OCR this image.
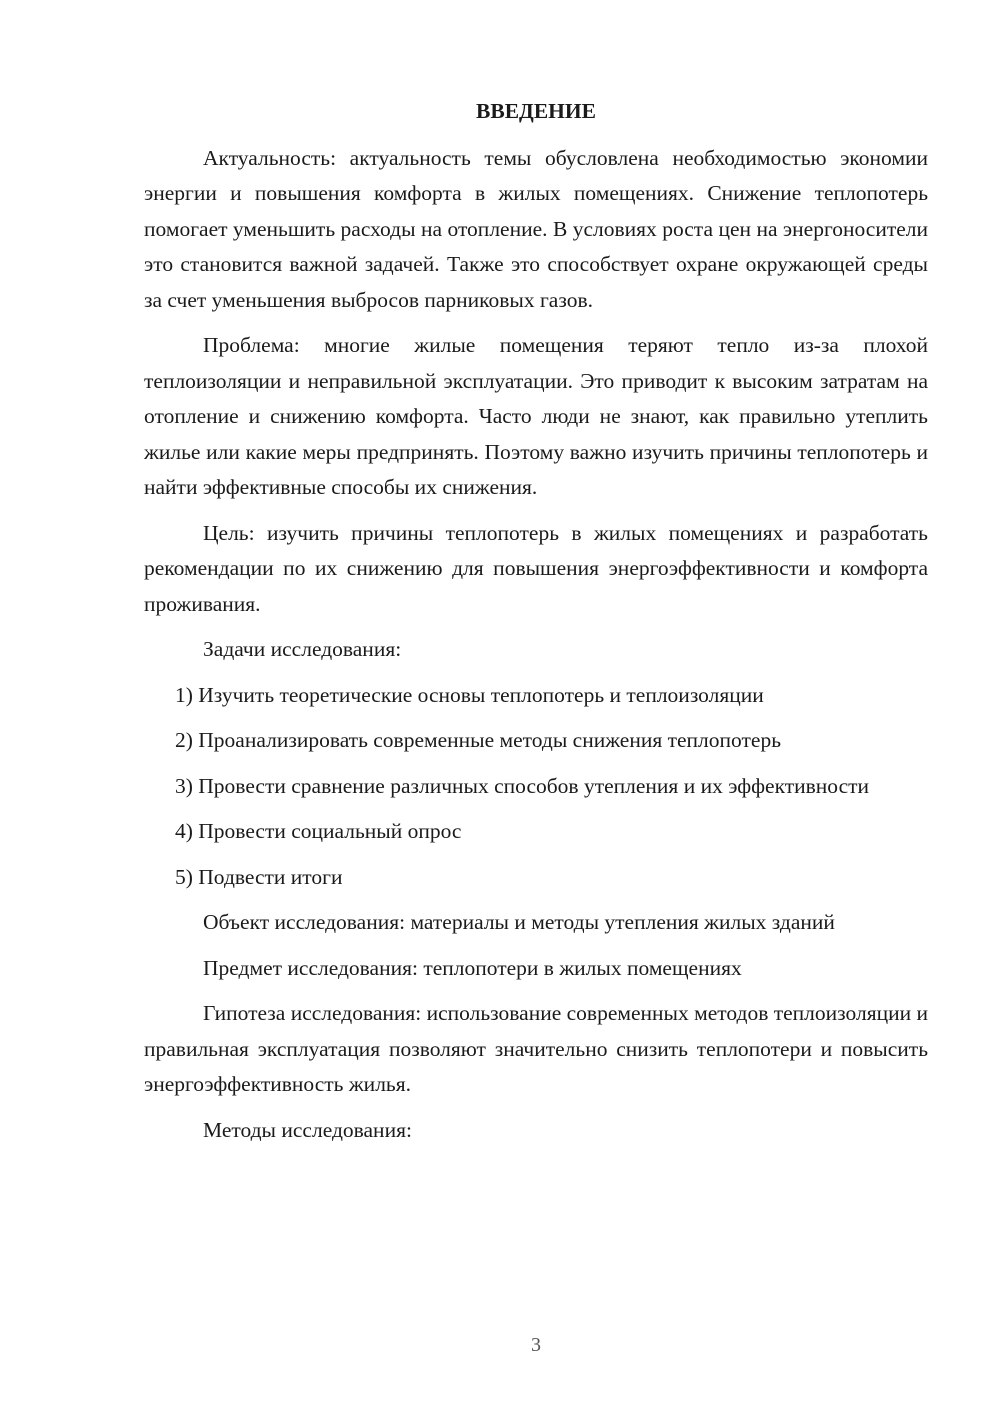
ВВЕДЕНИЕ

Актуальность: актуальность темы обусловлена необходимостью экономии энергии и повышения комфорта в жилых помещениях. Снижение теплопотерь помогает уменьшить расходы на отопление. В условиях роста цен на энергоносители это становится важной задачей. Также это способствует охране окружающей среды за счет уменьшения выбросов парниковых газов.

Проблема: многие жилые помещения теряют тепло из-за плохой теплоизоляции и неправильной эксплуатации. Это приводит к высоким затратам на отопление и снижению комфорта. Часто люди не знают, как правильно утеплить жилье или какие меры предпринять. Поэтому важно изучить причины теплопотерь и найти эффективные способы их снижения.

Цель: изучить причины теплопотерь в жилых помещениях и разработать рекомендации по их снижению для повышения энергоэффективности и комфорта проживания.

Задачи исследования:

1) Изучить теоретические основы теплопотерь и теплоизоляции

2) Проанализировать современные методы снижения теплопотерь

3) Провести сравнение различных способов утепления и их эффективности

4) Провести социальный опрос

5) Подвести итоги

Объект исследования: материалы и методы утепления жилых зданий

Предмет исследования: теплопотери в жилых помещениях

Гипотеза исследования: использование современных методов теплоизоляции и правильная эксплуатация позволяют значительно снизить теплопотери и повысить энергоэффективность жилья.

Методы исследования:

3
